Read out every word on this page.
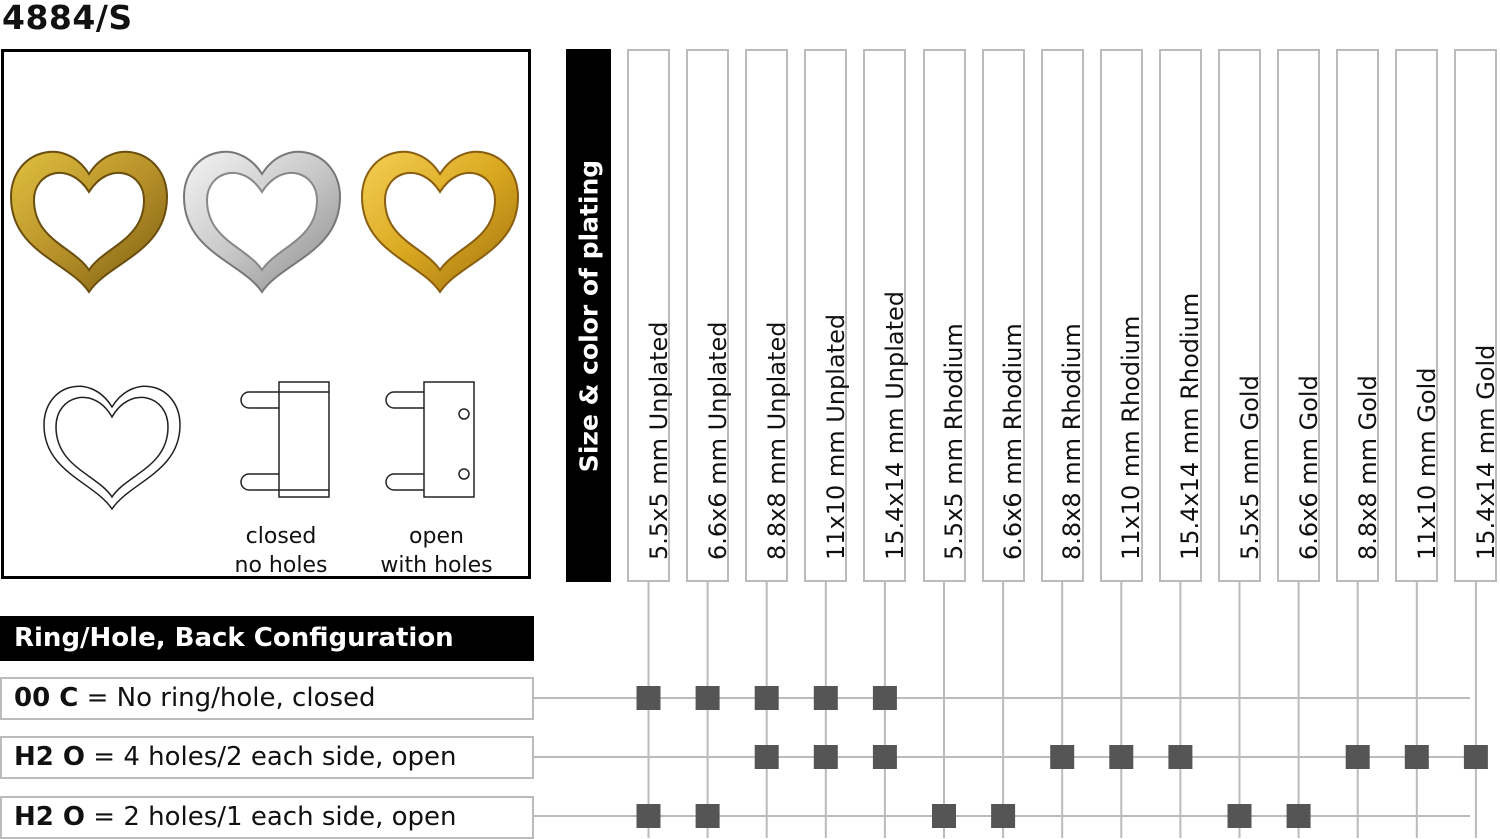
4884/S
closed
no holes
open
with holes
Size & color of plating 5.5x5 mm Unplated 6.6x6 mm Unplated 8.8x8 mm Unplated 11x10 mm Unplated 15.4x14 mm Unplated 5.5x5 mm Rhodium 6.6x6 mm Rhodium 8.8x8 mm Rhodium 11x10 mm Rhodium 15.4x14 mm Rhodium 5.5x5 mm Gold 6.6x6 mm Gold 8.8x8 mm Gold 11x10 mm Gold 15.4x14 mm Gold
Ring/Hole, Back Configuration
00 C = No ring/hole, closed
H2 O = 4 holes/2 each side, open
H2 O = 2 holes/1 each side, open
